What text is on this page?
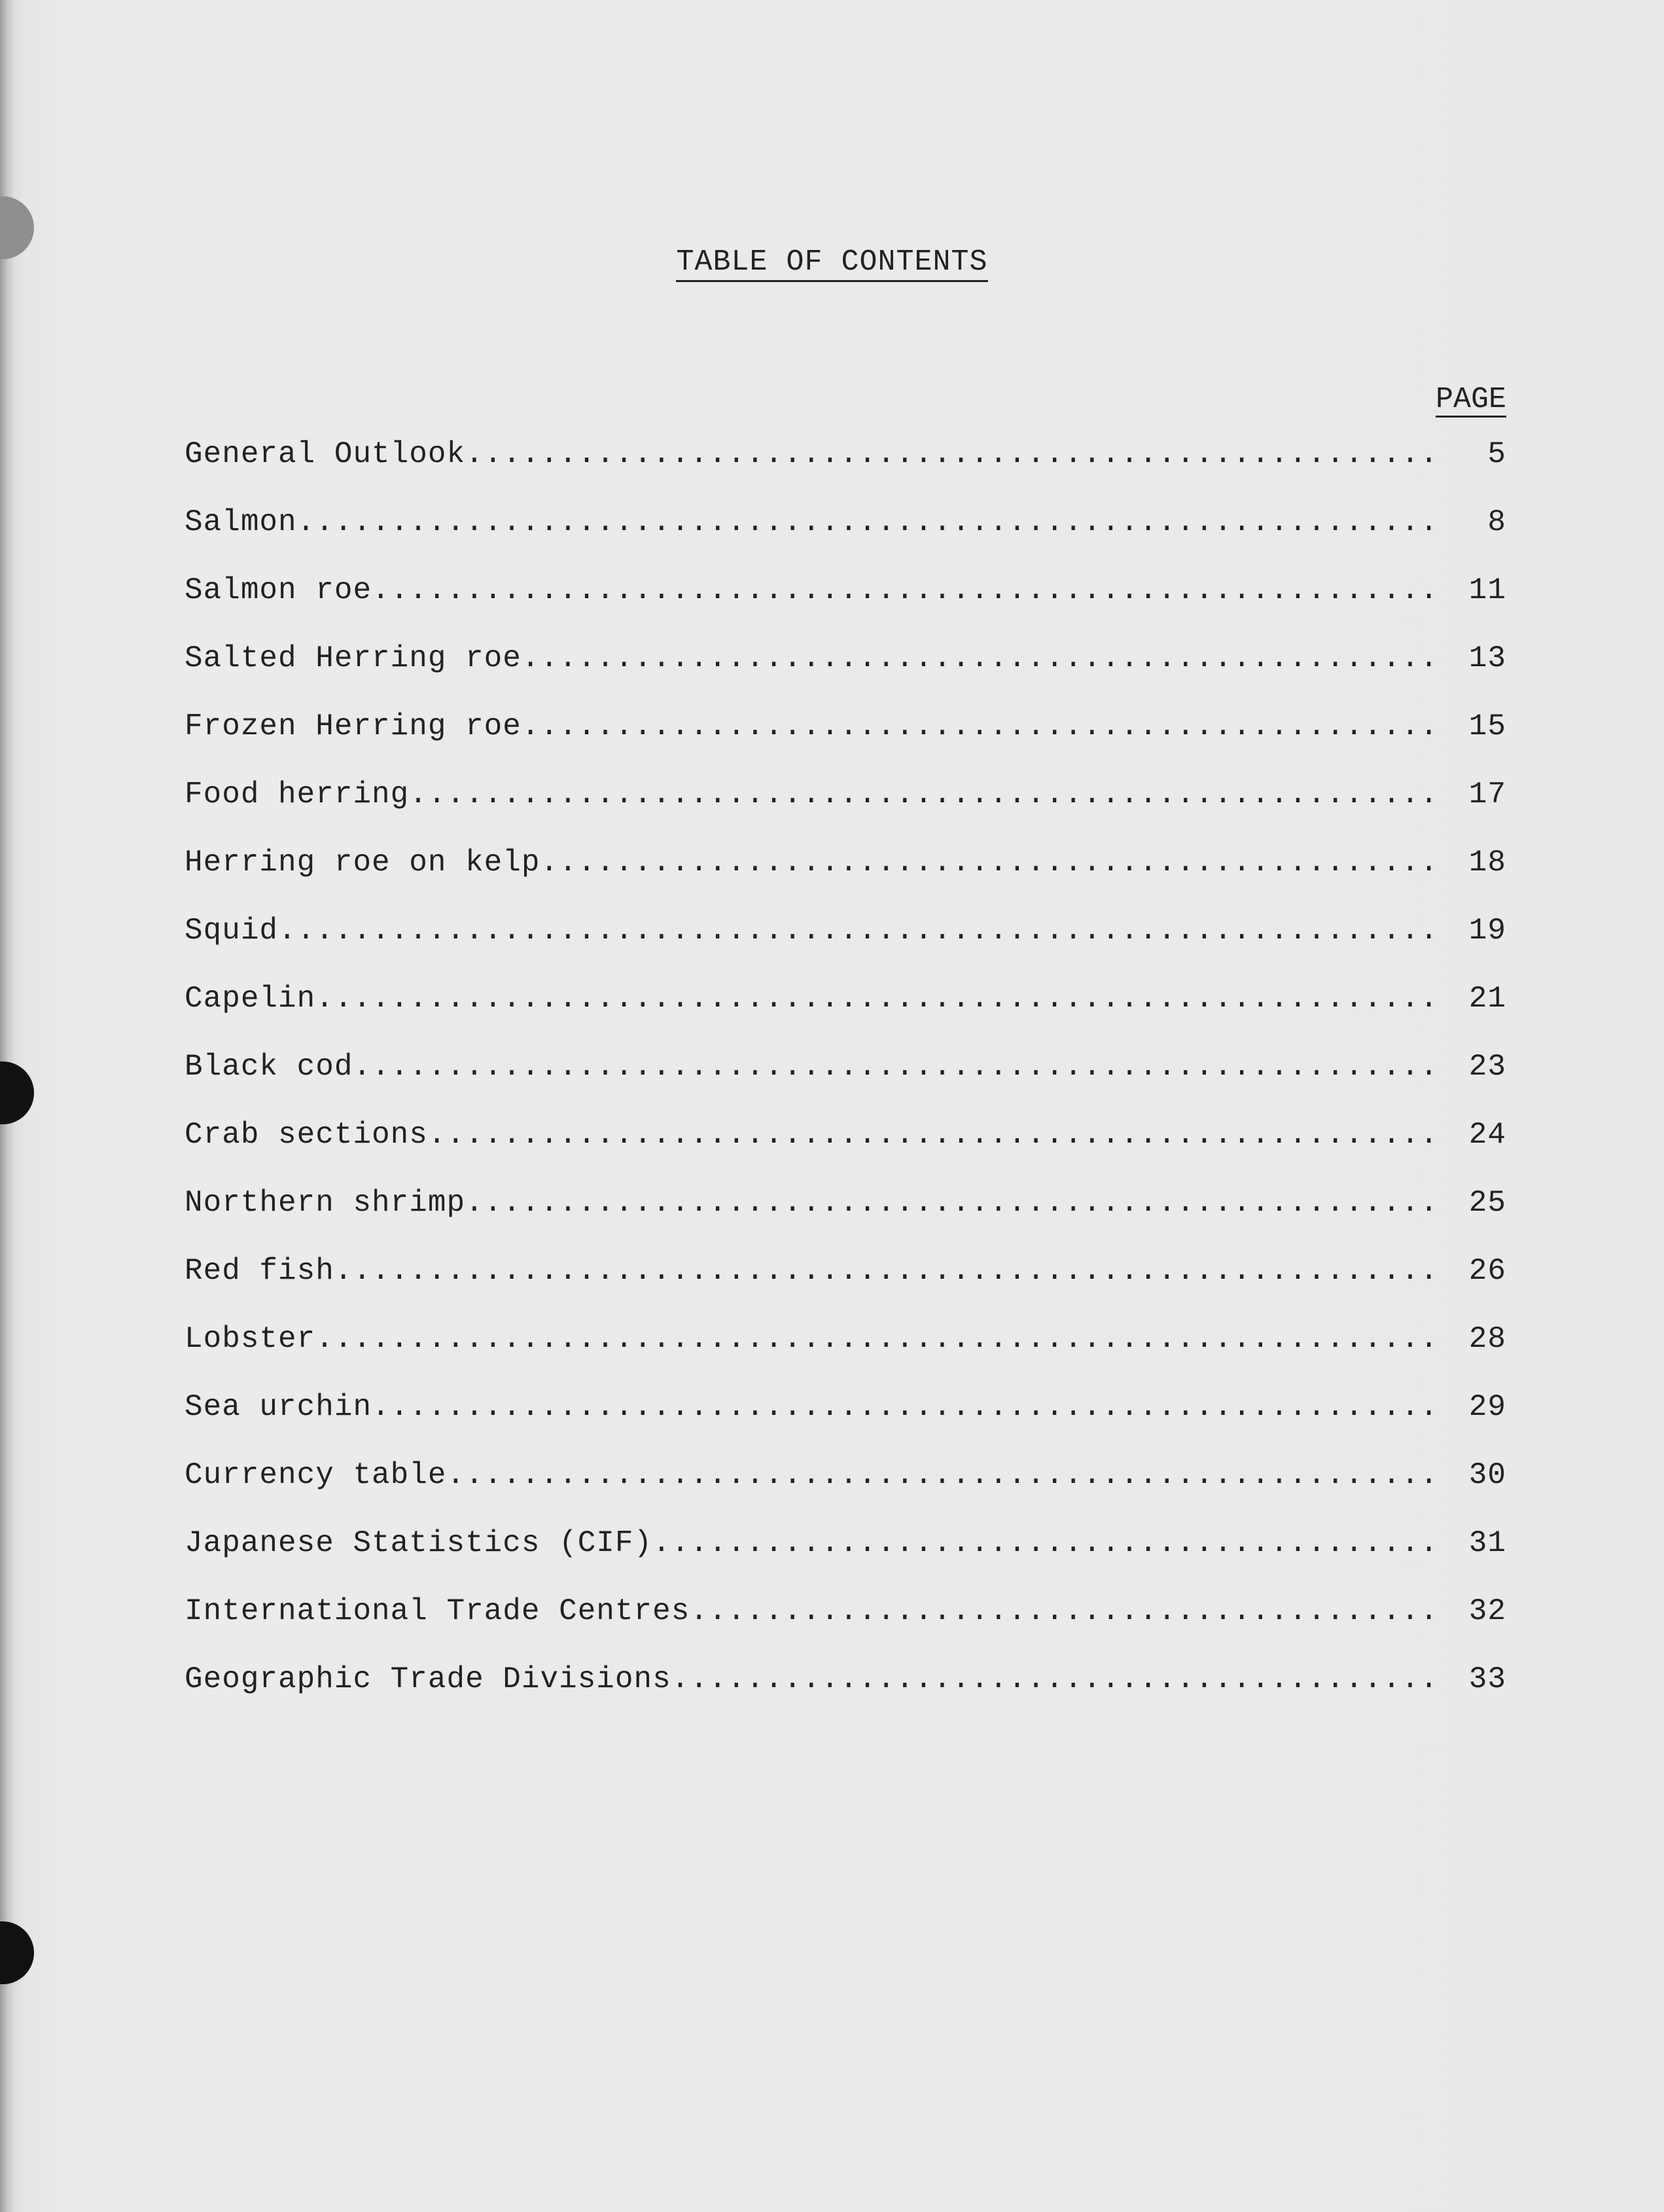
TABLE OF CONTENTS
PAGE
General Outlook .....	5
Salmon .....	8
Salmon roe .....	11
Salted Herring roe .....	13
Frozen Herring roe .....	15
Food herring .....	17
Herring roe on kelp .....	18
Squid .....	19
Capelin .....	21
Black cod .....	23
Crab sections .....	24
Northern shrimp .....	25
Red fish .....	26
Lobster .....	28
Sea urchin .....	29
Currency table .....	30
Japanese Statistics (CIF) .....	31
International Trade Centres .....	32
Geographic Trade Divisions .....	33
